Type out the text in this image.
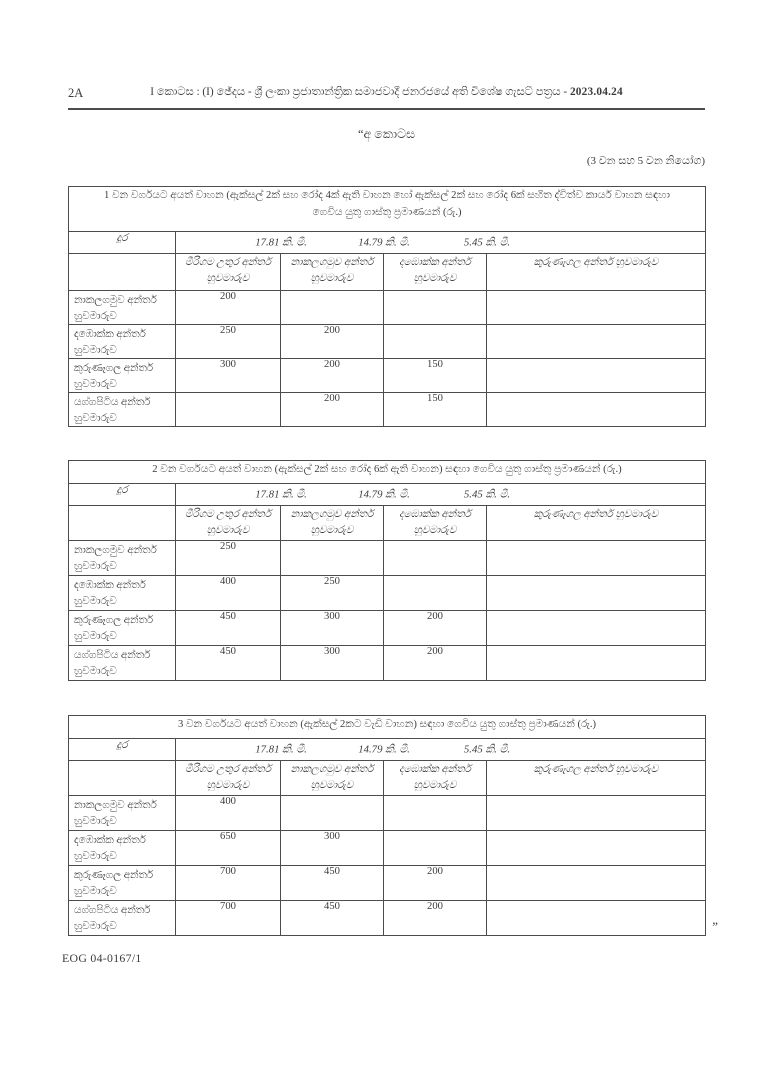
2A	I කොටස : (I) ඡේදය - ශ්‍රී ලංකා ප්‍රජාතාන්ත්‍රික සමාජවාදී ජනරජයේ අති විශේෂ ගැසට් පත්‍රය - 2023.04.24
“අ කොටස
(3 වන සහ 5 වන නියෝග)
1 වන වර්ගයට අයත් වාහන (ඇක්සල් 2ක් සහ රෝද 4ක් ඇති වාහන හෝ ඇක්සල් 2ක් සහ රෝද 6ක් සහිත ද්විත්ව කාර්ය වාහන සඳහා ගෙවිය යුතු ගාස්තු ප්‍රමාණයන් (රු.)				

දුර	17.81 කි. මී. 14.79 කි. මී. 5.45 කි. මී.			

	මීරිගම උතුර අන්තර් හුවමාරුව	නාකලගමුව අන්තර් හුවමාරුව	දඹොක්ක අන්තර් හුවමාරුව	කුරුණෑගල අන්තර් හුවමාරුව

නාකලගමුව අන්තර් හුවමාරුව	200			

දඹොක්ක අන්තර් හුවමාරුව	250	200		

කුරුණෑගල අන්තර් හුවමාරුව	300	200	150	

යග්ගපිටිය අන්තර් හුවමාරුව		200	150	
2 වන වර්ගයට අයත් වාහන (ඇක්සල් 2ක් සහ රෝද 6ක් ඇති වාහන) සඳහා ගෙවිය යුතු ගාස්තු ප්‍රමාණයන් (රු.)				

දුර	17.81 කි. මී. 14.79 කි. මී. 5.45 කි. මී.			

	මීරිගම උතුර අන්තර් හුවමාරුව	නාකලගමුව අන්තර් හුවමාරුව	දඹොක්ක අන්තර් හුවමාරුව	කුරුණෑගල අන්තර් හුවමාරුව

නාකලගමුව අන්තර් හුවමාරුව	250			

දඹොක්ක අන්තර් හුවමාරුව	400	250		

කුරුණෑගල අන්තර් හුවමාරුව	450	300	200	

යග්ගපිටිය අන්තර් හුවමාරුව	450	300	200	
3 වන වර්ගයට අයත් වාහන (ඇක්සල් 2කට වැඩි වාහන) සඳහා ගෙවිය යුතු ගාස්තු ප්‍රමාණයන් (රු.)				

දුර	17.81 කි. මී. 14.79 කි. මී. 5.45 කි. මී.			

	මීරිගම උතුර අන්තර් හුවමාරුව	නාකලගමුව අන්තර් හුවමාරුව	දඹොක්ක අන්තර් හුවමාරුව	කුරුණෑගල අන්තර් හුවමාරුව

නාකලගමුව අන්තර් හුවමාරුව	400			

දඹොක්ක අන්තර් හුවමාරුව	650	300		

කුරුණෑගල අන්තර් හුවමාරුව	700	450	200	

යග්ගපිටිය අන්තර් හුවමාරුව	700	450	200	
”
EOG 04-0167/1
